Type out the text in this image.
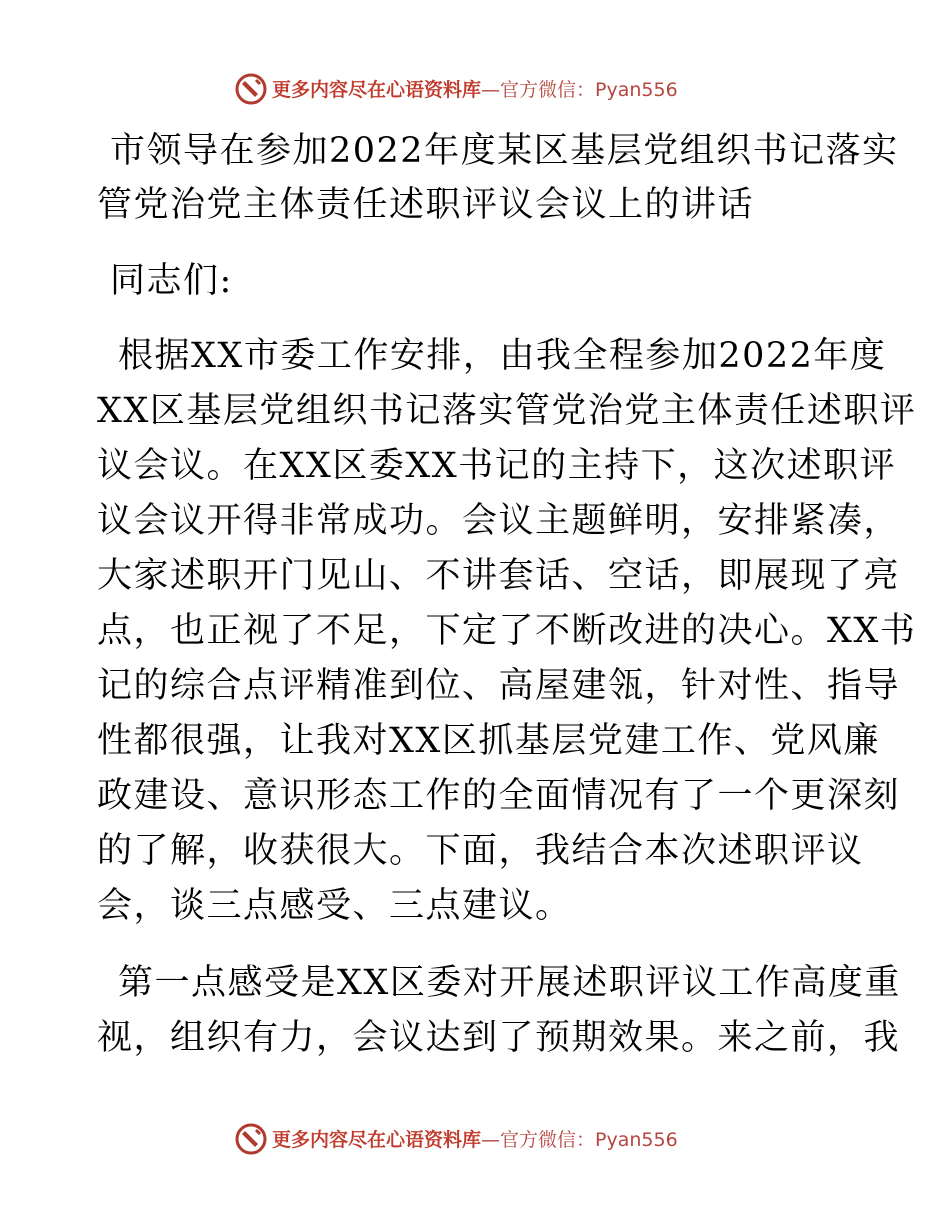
更多内容尽在心语资料库—官方微信：Pyan556
市领导在参加2022年度某区基层党组织书记落实
管党治党主体责任述职评议会议上的讲话
同志们:
根据XX市委工作安排，由我全程参加2022年度
XX区基层党组织书记落实管党治党主体责任述职评
议会议。在XX区委XX书记的主持下，这次述职评
议会议开得非常成功。会议主题鲜明，安排紧凑，
大家述职开门见山、不讲套话、空话，即展现了亮
点，也正视了不足，下定了不断改进的决心。XX书
记的综合点评精准到位、高屋建瓴，针对性、指导
性都很强，让我对XX区抓基层党建工作、党风廉
政建设、意识形态工作的全面情况有了一个更深刻
的了解，收获很大。下面，我结合本次述职评议
会，谈三点感受、三点建议。
第一点感受是XX区委对开展述职评议工作高度重
视，组织有力，会议达到了预期效果。来之前，我
更多内容尽在心语资料库—官方微信：Pyan556
